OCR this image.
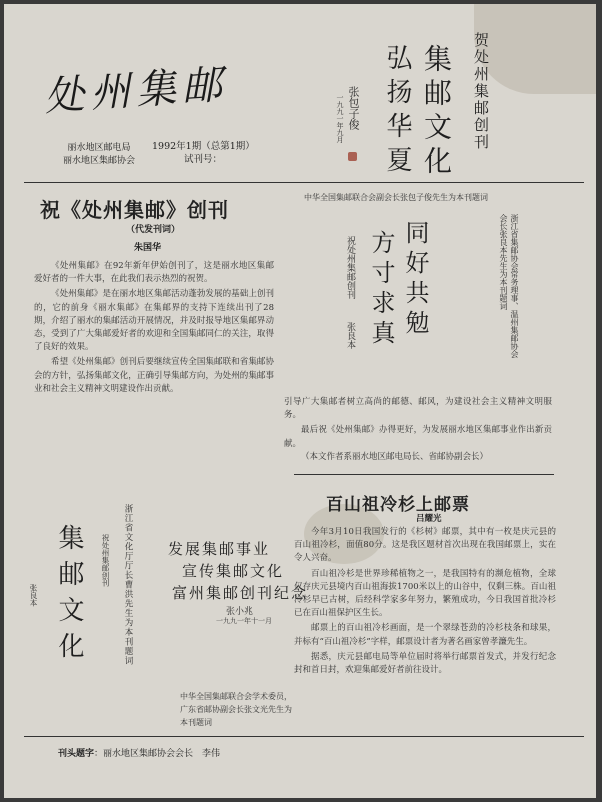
处州集邮
丽水地区邮电局
丽水地区集邮协会
1992年1期（总第1期）
试刊号：
贺处州集邮创刊
集邮文化
弘扬华夏
张包子俊
一九九一年九月
祝《处州集邮》创刊
（代发刊词）
朱国华

《处州集邮》在92年新年伊始创刊了，这是丽水地区集邮爱好者的一件大事，在此我们表示热烈的祝贺。

《处州集邮》是在丽水地区集邮活动蓬勃发展的基础上创刊的，它的前身《丽水集邮》在集邮界的支持下连续出刊了28期，介绍了丽水的集邮活动开展情况，并及时报导地区集邮界动态，受到了广大集邮爱好者的欢迎和全国集邮同仁的关注，取得了良好的效果。

希望《处州集邮》创刊后要继续宣传全国集邮联和省集邮协会的方针，弘扬集邮文化，正确引导集邮方向，为处州的集邮事业和社会主义精神文明建设作出贡献。

中华全国集邮联合会副会长张包子俊先生为本刊题词
同好共勉
方寸求真
祝处州集邮创刊
张良本	浙江省集邮协会常务理事、温州集邮协会会长张良本先生为本刊题词

引导广大集邮者树立高尚的邮德、邮风，为建设社会主义精神文明服务。

最后祝《处州集邮》办得更好，为发展丽水地区集邮事业作出新贡献。

（本文作者系丽水地区邮电局长、省邮协副会长）

集邮文化 祝处州集邮创刊
张良本	浙江省文化厅厅长曹洪先生为本刊题词 发展集邮事业
宣传集邮文化
富州集邮创刊纪念
张小兆
一九九一年十一月
中华全国集邮联合会学术委员，广东省邮协副会长张文光先生为本刊题词
百山祖冷杉上邮票
吕耀光

今年3月10日我国发行的《杉树》邮票，其中有一枚是庆元县的百山祖冷杉，面值80分。这是我区题材首次出现在我国邮票上，实在令人兴奋。

百山祖冷杉是世界珍稀植物之一，是我国特有的濒危植物，全球仅存庆元县境内百山祖海拔1700米以上的山谷中，仅剩三株。百山祖冷杉早已古树，后经科学家多年努力，繁殖成功，今日我国首批冷杉已在百山祖保护区生长。

邮票上的百山祖冷杉画面，是一个翠绿苍劲的冷杉枝条和球果，并标有“百山祖冷杉”字样，邮票设计者为著名画家曾孝濂先生。

据悉，庆元县邮电局等单位届时将举行邮票首发式，并发行纪念封和首日封，欢迎集邮爱好者前往设计。

刊头题字：丽水地区集邮协会会长　李伟
